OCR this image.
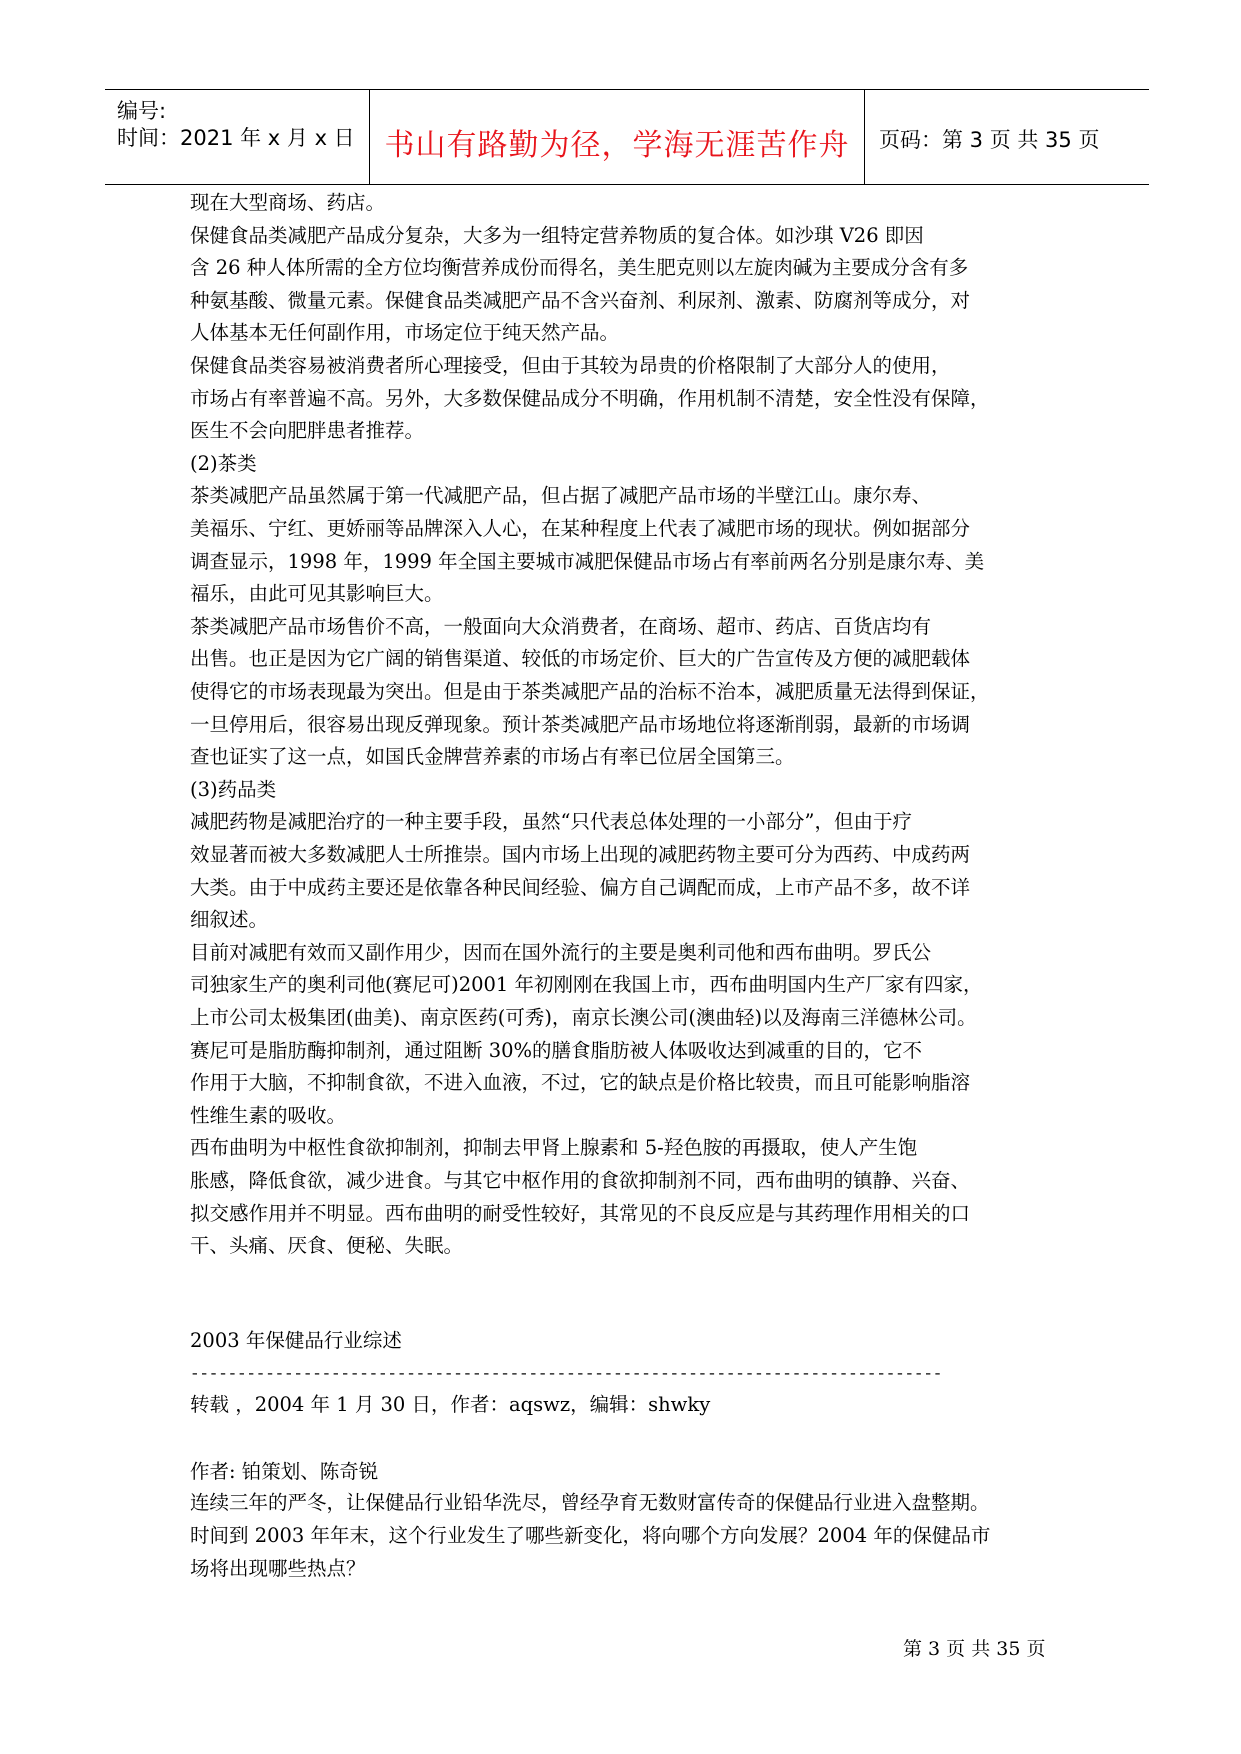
编号:
时间：2021 年 x 月 x 日 书山有路勤为径，学海无涯苦作舟	页码：第 3 页 共 35 页
现在大型商场、药店。
保健食品类减肥产品成分复杂，大多为一组特定营养物质的复合体。如沙琪 V26 即因
含 26 种人体所需的全方位均衡营养成份而得名，美生肥克则以左旋肉碱为主要成分含有多
种氨基酸、微量元素。保健食品类减肥产品不含兴奋剂、利尿剂、激素、防腐剂等成分，对
人体基本无任何副作用，市场定位于纯天然产品。
保健食品类容易被消费者所心理接受，但由于其较为昂贵的价格限制了大部分人的使用，
市场占有率普遍不高。另外，大多数保健品成分不明确，作用机制不清楚，安全性没有保障，
医生不会向肥胖患者推荐。
(2)茶类
茶类减肥产品虽然属于第一代减肥产品，但占据了减肥产品市场的半壁江山。康尔寿、
美福乐、宁红、更娇丽等品牌深入人心，在某种程度上代表了减肥市场的现状。例如据部分
调查显示，1998 年，1999 年全国主要城市减肥保健品市场占有率前两名分别是康尔寿、美
福乐，由此可见其影响巨大。
茶类减肥产品市场售价不高，一般面向大众消费者，在商场、超市、药店、百货店均有
出售。也正是因为它广阔的销售渠道、较低的市场定价、巨大的广告宣传及方便的减肥载体
使得它的市场表现最为突出。但是由于茶类减肥产品的治标不治本，减肥质量无法得到保证，
一旦停用后，很容易出现反弹现象。预计茶类减肥产品市场地位将逐渐削弱，最新的市场调
查也证实了这一点，如国氏金牌营养素的市场占有率已位居全国第三。
(3)药品类
减肥药物是减肥治疗的一种主要手段，虽然“只代表总体处理的一小部分”，但由于疗
效显著而被大多数减肥人士所推崇。国内市场上出现的减肥药物主要可分为西药、中成药两
大类。由于中成药主要还是依靠各种民间经验、偏方自己调配而成，上市产品不多，故不详
细叙述。
目前对减肥有效而又副作用少，因而在国外流行的主要是奥利司他和西布曲明。罗氏公
司独家生产的奥利司他(赛尼可)2001 年初刚刚在我国上市，西布曲明国内生产厂家有四家，
上市公司太极集团(曲美)、南京医药(可秀)，南京长澳公司(澳曲轻)以及海南三洋德林公司。
赛尼可是脂肪酶抑制剂，通过阻断 30%的膳食脂肪被人体吸收达到减重的目的，它不
作用于大脑，不抑制食欲，不进入血液，不过，它的缺点是价格比较贵，而且可能影响脂溶
性维生素的吸收。
西布曲明为中枢性食欲抑制剂，抑制去甲肾上腺素和 5-羟色胺的再摄取，使人产生饱
胀感，降低食欲，减少进食。与其它中枢作用的食欲抑制剂不同，西布曲明的镇静、兴奋、
拟交感作用并不明显。西布曲明的耐受性较好，其常见的不良反应是与其药理作用相关的口
干、头痛、厌食、便秘、失眠。
2003 年保健品行业综述
--------------------------------------------------------------------------------
转载 ，2004 年 1 月 30 日，作者：aqswz，编辑：shwky
作者: 铂策划、陈奇锐
连续三年的严冬，让保健品行业铅华洗尽，曾经孕育无数财富传奇的保健品行业进入盘整期。
时间到 2003 年年末，这个行业发生了哪些新变化，将向哪个方向发展？2004 年的保健品市
场将出现哪些热点？
第 3 页 共 35 页
